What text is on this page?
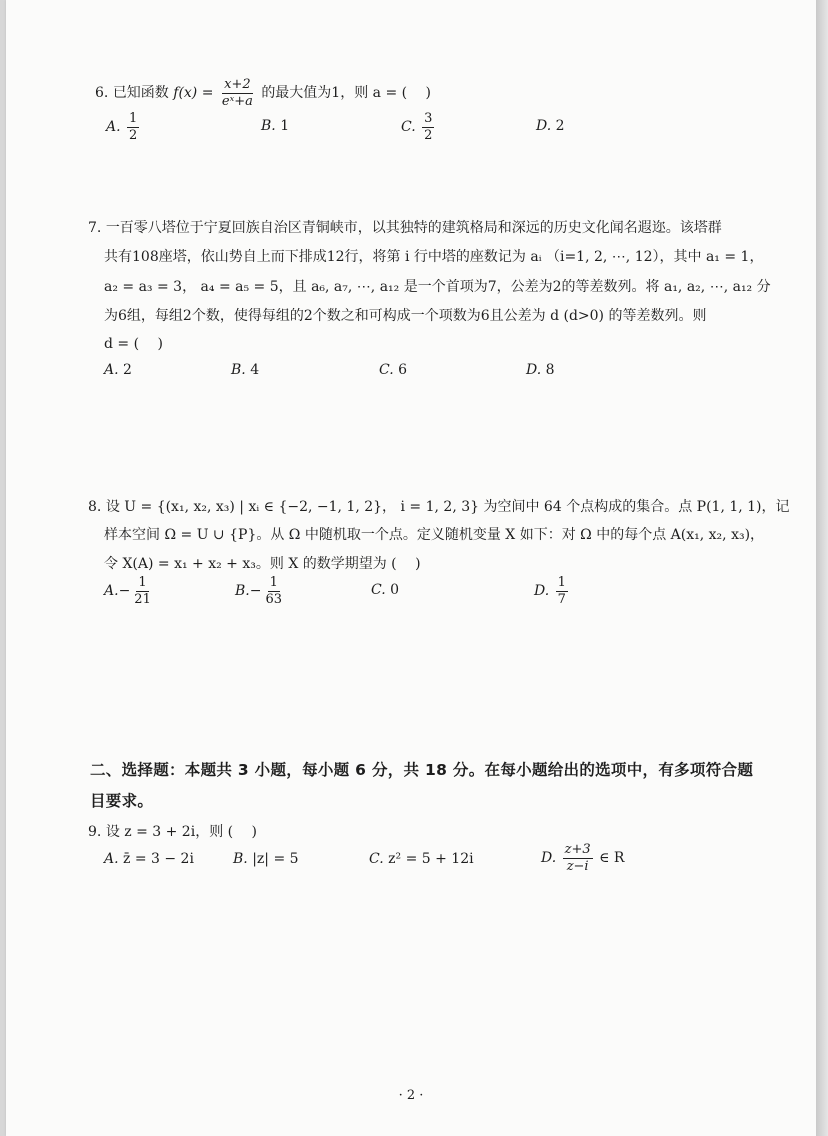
6. 已知函数 $f(x) = \frac{x+2}{\text{eˣ+a}}$ 的最大值为1，则 a = (　 )
A. $\frac{1}{2}$	B. 1	C. $\frac{3}{2}$	D. 2
7. 一百零八塔位于宁夏回族自治区青铜峡市，以其独特的建筑格局和深远的历史文化闻名遐迩。该塔群
共有108座塔，依山势自上而下排成12行，将第 i 行中塔的座数记为 aᵢ （i=1, 2, ⋯, 12），其中 a₁ = 1，
a₂ = a₃ = 3， a₄ = a₅ = 5，且 a₆, a₇, ⋯, a₁₂ 是一个首项为7，公差为2的等差数列。将 a₁, a₂, ⋯, a₁₂ 分
为6组，每组2个数，使得每组的2个数之和可构成一个项数为6且公差为 d (d>0) 的等差数列。则
d = (　 )
A. 2	B. 4	C. 6	D. 8
8. 设 U = {(x₁, x₂, x₃) | xᵢ ∈ {−2, −1, 1, 2}， i = 1, 2, 3} 为空间中 64 个点构成的集合。点 P(1, 1, 1)，记
样本空间 Ω = U ∪ {P}。从 Ω 中随机取一个点。定义随机变量 X 如下：对 Ω 中的每个点 A(x₁, x₂, x₃)，
令 X(A) = x₁ + x₂ + x₃。则 X 的数学期望为 (　 )
$A.- \frac{1}{21}$	$B.- \frac{1}{63}$	C. 0	D. $\frac{1}{7}$
二、选择题：本题共 3 小题，每小题 6 分，共 18 分。在每小题给出的选项中，有多项符合题
目要求。
9. 设 z = 3 + 2i，则 (　 )
A. z̄ = 3 − 2i	B. |z| = 5	C. z² = 5 + 12i	D. $\frac{z+3}{z-i}$ ∈ R
· 2 ·
